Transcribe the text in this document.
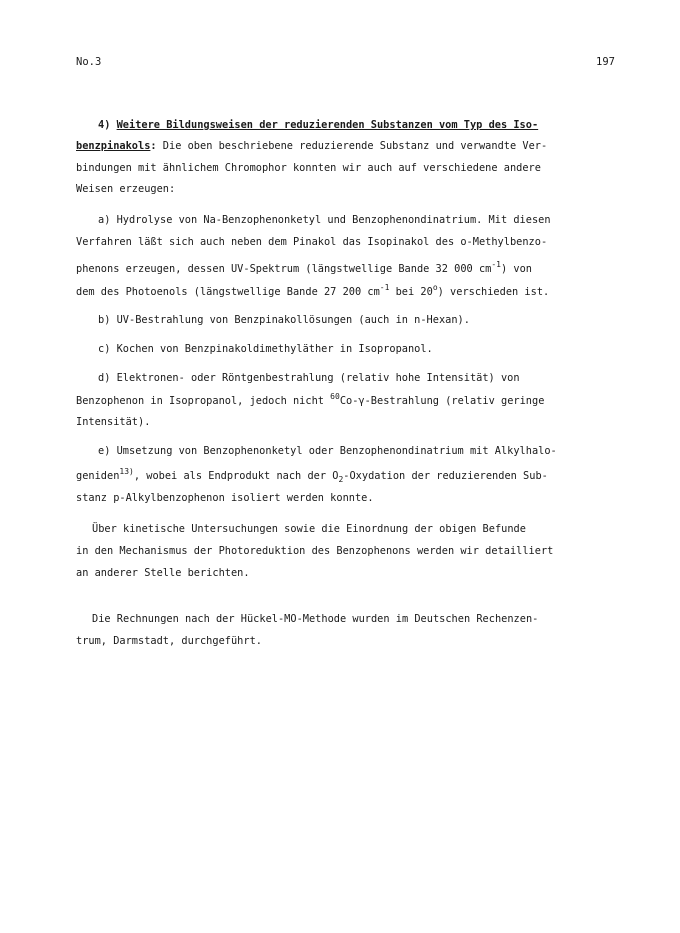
No.3	197
4) Weitere Bildungsweisen der reduzierenden Substanzen vom Typ des Iso-
benzpinakols: Die oben beschriebene reduzierende Substanz und verwandte Ver-
bindungen mit ähnlichem Chromophor konnten wir auch auf verschiedene andere
Weisen erzeugen:
a) Hydrolyse von Na-Benzophenonketyl und Benzophenondinatrium. Mit diesen
Verfahren läßt sich auch neben dem Pinakol das Isopinakol des o-Methylbenzo-
phenons erzeugen, dessen UV-Spektrum (längstwellige Bande 32 000 $cm^{-1}$) von
dem des Photoenols (längstwellige Bande 27 200 $cm^{-1}$ bei 20$^o$) verschieden ist.
b) UV-Bestrahlung von Benzpinakollösungen (auch in n-Hexan).
c) Kochen von Benzpinakoldimethyläther in Isopropanol.
d) Elektronen- oder Röntgenbestrahlung (relativ hohe Intensität) von
Benzophenon in Isopropanol, jedoch nicht $^{60}$Co-γ-Bestrahlung (relativ geringe
Intensität).
e) Umsetzung von Benzophenonketyl oder Benzophenondinatrium mit Alkylhalo-
geniden$^{13)}$, wobei als Endprodukt nach der $O_2$-Oxydation der reduzierenden Sub-
stanz p-Alkylbenzophenon isoliert werden konnte.
Über kinetische Untersuchungen sowie die Einordnung der obigen Befunde
in den Mechanismus der Photoreduktion des Benzophenons werden wir detailliert
an anderer Stelle berichten.
Die Rechnungen nach der Hückel-MO-Methode wurden im Deutschen Rechenzen-
trum, Darmstadt, durchgeführt.
